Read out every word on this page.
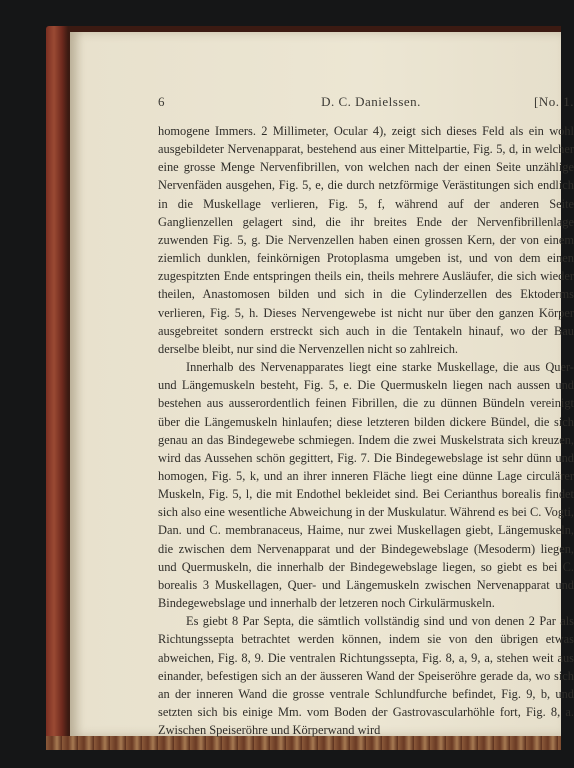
6	D. C. Danielssen.	[No. 1.

homogene Immers. 2 Millimeter, Ocular 4), zeigt sich dieses Feld als ein wohl ausgebildeter Nervenapparat, bestehend aus einer Mittelpartie, Fig. 5, d, in welcher eine grosse Menge Nervenfibrillen, von welchen nach der einen Seite unzählige Nervenfäden ausgehen, Fig. 5, e, die durch netzförmige Verästitungen sich endlich in die Muskellage verlieren, Fig. 5, f, während auf der anderen Seite Ganglienzellen gelagert sind, die ihr breites Ende der Nervenfibrillenlage zuwenden Fig. 5, g. Die Nervenzellen haben einen grossen Kern, der von einem ziemlich dunklen, feinkörnigen Protoplasma umgeben ist, und von dem einen zugespitzten Ende entspringen theils ein, theils mehrere Ausläufer, die sich wieder theilen, Anastomosen bilden und sich in die Cylinderzellen des Ektoderms verlieren, Fig. 5, h. Dieses Nervengewebe ist nicht nur über den ganzen Körper ausgebreitet sondern erstreckt sich auch in die Tentakeln hinauf, wo der Bau derselbe bleibt, nur sind die Nervenzellen nicht so zahlreich.

Innerhalb des Nervenapparates liegt eine starke Muskellage, die aus Quer- und Längemuskeln besteht, Fig. 5, e. Die Quermuskeln liegen nach aussen und bestehen aus ausserordentlich feinen Fibrillen, die zu dünnen Bündeln vereinigt über die Längemuskeln hinlaufen; diese letzteren bilden dickere Bündel, die sich genau an das Bindegewebe schmiegen. Indem die zwei Muskelstrata sich kreuzen, wird das Aussehen schön gegittert, Fig. 7. Die Bindegewebslage ist sehr dünn und homogen, Fig. 5, k, und an ihrer inneren Fläche liegt eine dünne Lage circulärer Muskeln, Fig. 5, l, die mit Endothel bekleidet sind. Bei Cerianthus borealis findet sich also eine wesentliche Abweichung in der Muskulatur. Während es bei C. Vogti, Dan. und C. membranaceus, Haime, nur zwei Muskellagen giebt, Längemuskeln, die zwischen dem Nervenapparat und der Bindegewebslage (Mesoderm) liegen, und Quermuskeln, die innerhalb der Bindegewebslage liegen, so giebt es bei C. borealis 3 Muskellagen, Quer- und Längemuskeln zwischen Nervenapparat und Bindegewebslage und innerhalb der letzeren noch Cirkulärmuskeln.

Es giebt 8 Par Septa, die sämtlich vollständig sind und von denen 2 Par als Richtungssepta betrachtet werden können, indem sie von den übrigen etwas abweichen, Fig. 8, 9. Die ventralen Richtungssepta, Fig. 8, a, 9, a, stehen weit aus einander, befestigen sich an der äusseren Wand der Speiseröhre gerade da, wo sich an der inneren Wand die grosse ventrale Schlundfurche befindet, Fig. 9, b, und setzten sich bis einige Mm. vom Boden der Gastrovascularhöhle fort, Fig. 8, a. Zwischen Speiseröhre und Körperwand wird
